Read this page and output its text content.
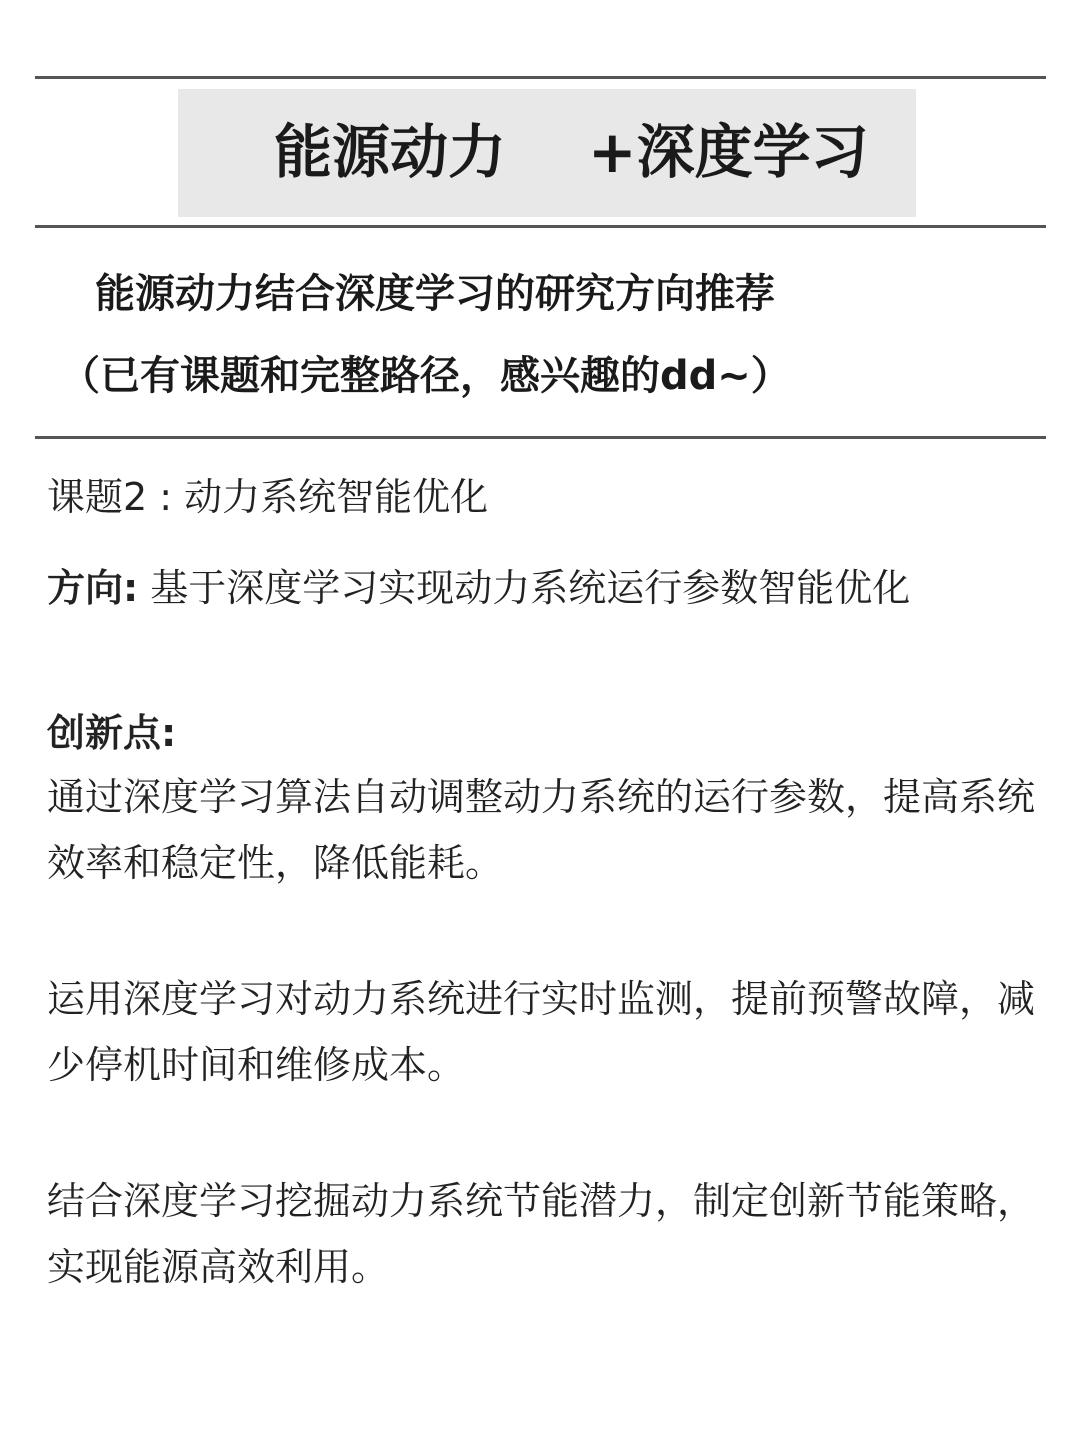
能源动力 +深度学习
能源动力结合深度学习的研究方向推荐
（已有课题和完整路径，感兴趣的dd~）
课题2 : 动力系统智能优化
方向: 基于深度学习实现动力系统运行参数智能优化
创新点:

通过深度学习算法自动调整动力系统的运行参数，提高系统效率和稳定性，降低能耗。

运用深度学习对动力系统进行实时监测，提前预警故障，减少停机时间和维修成本。

结合深度学习挖掘动力系统节能潜力，制定创新节能策略，实现能源高效利用。
